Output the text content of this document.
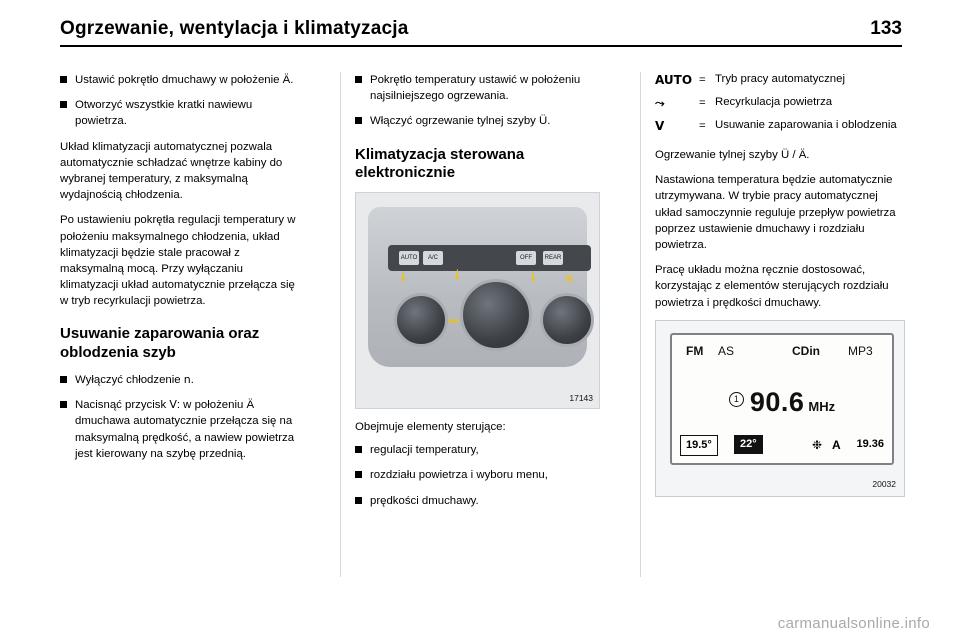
Ogrzewanie, wentylacja i klimatyzacja	133
Ustawić pokrętło dmuchawy w położenie Ä.
Otworzyć wszystkie kratki nawiewu powietrza.

Układ klimatyzacji automatycznej pozwala automatycznie schładzać wnętrze kabiny do wybranej temperatury, z maksymalną wydajnością chłodzenia.

Po ustawieniu pokrętła regulacji temperatury w położeniu maksymalnego chłodzenia, układ klimatyzacji będzie stale pracował z maksymalną mocą. Przy wyłączaniu klimatyzacji układ automatycznie przełącza się w tryb recyrkulacji powietrza.

Usuwanie zaparowania oraz oblodzenia szyb
Wyłączyć chłodzenie n.
Nacisnąć przycisk V: w położeniu Ä dmuchawa automatycznie przełącza się na maksymalną prędkość, a nawiew powietrza jest kierowany na szybę przednią.
Pokrętło temperatury ustawić w położeniu najsilniejszego ogrzewania.
Włączyć ogrzewanie tylnej szyby Ü.
Klimatyzacja sterowana elektronicznie
AUTO	A/C	OFF	REAR
↓	↓	↓
↔
✳
17143

Obejmuje elementy sterujące:

regulacji temperatury,
rozdziału powietrza i wyboru menu,
prędkości dmuchawy.
AUTO = Tryb pracy automatycznej
⤳	= Recyrkulacja powietrza
V	= Usuwanie zaparowania i oblodzenia

Ogrzewanie tylnej szyby Ü / Ä.

Nastawiona temperatura będzie automatycznie utrzymywana. W trybie pracy automatycznej układ samoczynnie reguluje przepływ powietrza poprzez ustawienie dmuchawy i rozdziału powietrza.

Pracę układu można ręcznie dostosować, korzystając z elementów sterujących rozdziału powietrza i prędkości dmuchawy.

FM AS	CDin MP3
1 90.6 MHz
19.5°	22°	❉ A 19.36
20032
carmanualsonline.info
